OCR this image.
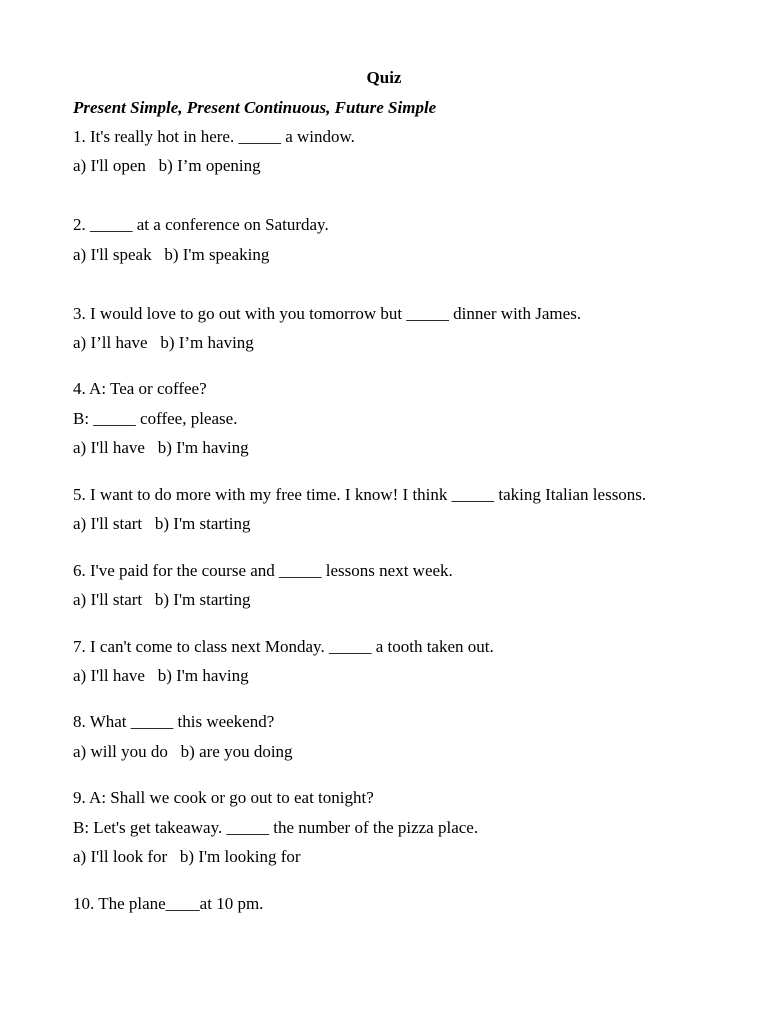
Quiz
Present Simple, Present Continuous, Future Simple
1. It's really hot in here. _____ a window.
a) I'll open   b) I’m opening
2. _____ at a conference on Saturday.
a) I'll speak   b) I'm speaking
3. I would love to go out with you tomorrow but _____ dinner with James.
a) I’ll have   b) I’m having
4. A: Tea or coffee?
B: _____ coffee, please.
a) I'll have   b) I'm having
5. I want to do more with my free time. I know! I think _____ taking Italian lessons.
a) I'll start   b) I'm starting
6. I've paid for the course and _____ lessons next week.
a) I'll start   b) I'm starting
7. I can't come to class next Monday. _____ a tooth taken out.
a) I'll have   b) I'm having
8. What _____ this weekend?
a) will you do   b) are you doing
9. A: Shall we cook or go out to eat tonight?
B: Let's get takeaway. _____ the number of the pizza place.
a) I'll look for   b) I'm looking for
10. The plane____at 10 pm.
